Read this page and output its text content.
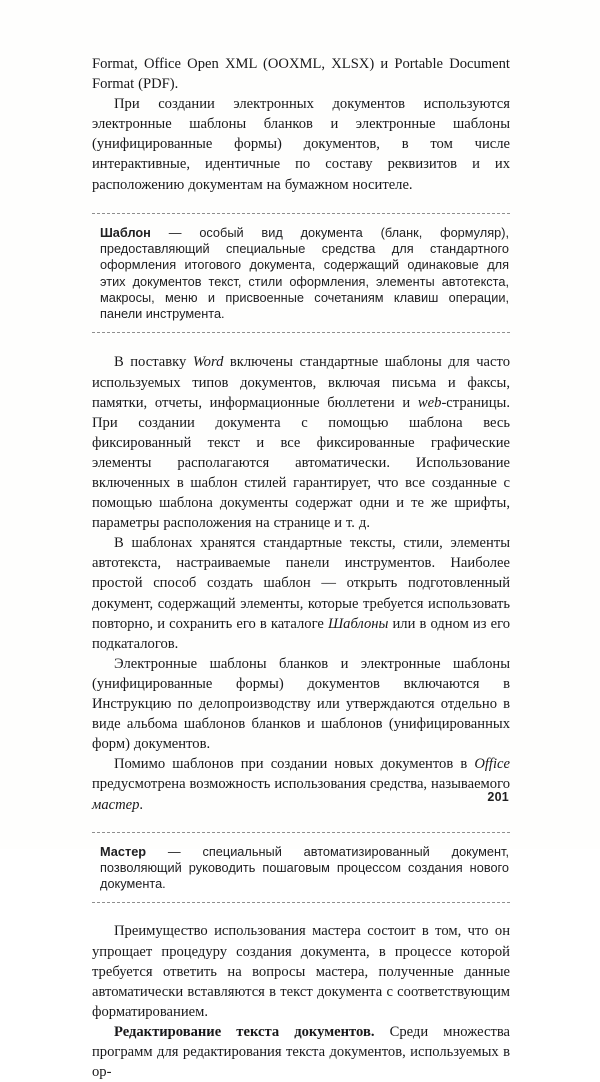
Format, Office Open XML (OOXML, XLSX) и Portable Document Format (PDF).

При создании электронных документов используются электронные шаблоны бланков и электронные шаблоны (унифицированные формы) документов, в том числе интерактивные, идентичные по составу реквизитов и их расположению документам на бумажном носителе.

Шаблон — особый вид документа (бланк, формуляр), предоставляющий специальные средства для стандартного оформления итогового документа, содержащий одинаковые для этих документов текст, стили оформления, элементы автотекста, макросы, меню и присвоенные сочетаниям клавиш операции, панели инструмента.

В поставку Word включены стандартные шаблоны для часто используемых типов документов, включая письма и факсы, памятки, отчеты, информационные бюллетени и web-страницы. При создании документа с помощью шаблона весь фиксированный текст и все фиксированные графические элементы располагаются автоматически. Использование включенных в шаблон стилей гарантирует, что все созданные с помощью шаблона документы содержат одни и те же шрифты, параметры расположения на странице и т. д.

В шаблонах хранятся стандартные тексты, стили, элементы автотекста, настраиваемые панели инструментов. Наиболее простой способ создать шаблон — открыть подготовленный документ, содержащий элементы, которые требуется использовать повторно, и сохранить его в каталоге Шаблоны или в одном из его подкаталогов.

Электронные шаблоны бланков и электронные шаблоны (унифицированные формы) документов включаются в Инструкцию по делопроизводству или утверждаются отдельно в виде альбома шаблонов бланков и шаблонов (унифицированных форм) документов.

Помимо шаблонов при создании новых документов в Office предусмотрена возможность использования средства, называемого мастер.

Мастер — специальный автоматизированный документ, позволяющий руководить пошаговым процессом создания нового документа.

Преимущество использования мастера состоит в том, что он упрощает процедуру создания документа, в процессе которой требуется ответить на вопросы мастера, полученные данные автоматически вставляются в текст документа с соответствующим форматированием.

Редактирование текста документов. Среди множества программ для редактирования текста документов, используемых в ор-

201
